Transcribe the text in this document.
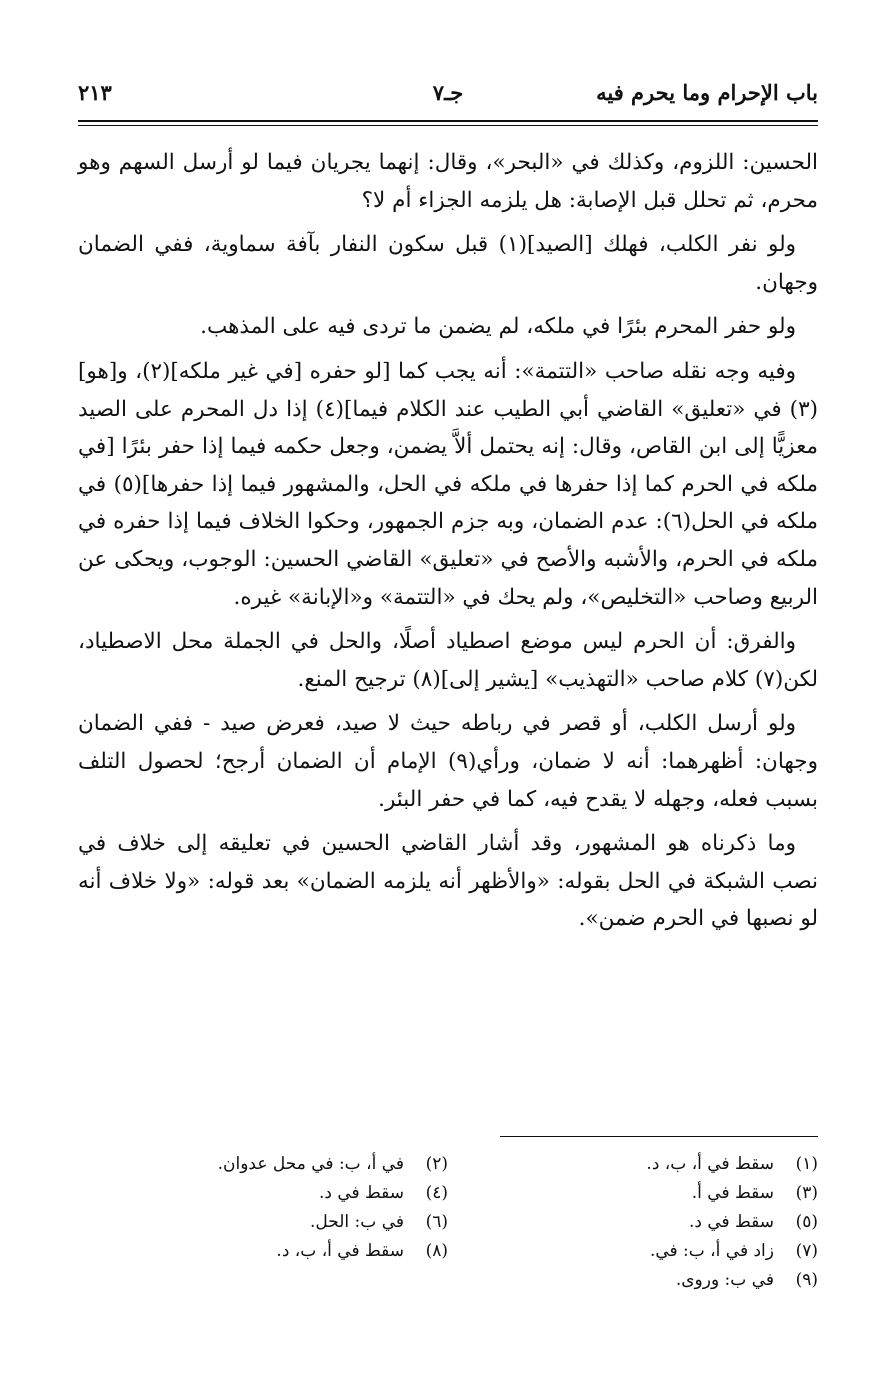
باب الإحرام وما يحرم فيه
جـ٧
٢١٣

الحسين: اللزوم، وكذلك في «البحر»، وقال: إنهما يجريان فيما لو أرسل السهم وهو محرم، ثم تحلل قبل الإصابة: هل يلزمه الجزاء أم لا؟

ولو نفر الكلب، فهلك [الصيد](١) قبل سكون النفار بآفة سماوية، ففي الضمان وجهان.

ولو حفر المحرم بئرًا في ملكه، لم يضمن ما تردى فيه على المذهب.

وفيه وجه نقله صاحب «التتمة»: أنه يجب كما [لو حفره [في غير ملكه](٢)، و[هو](٣) في «تعليق» القاضي أبي الطيب عند الكلام فيما](٤) إذا دل المحرم على الصيد معزيًّا إلى ابن القاص، وقال: إنه يحتمل ألاَّ يضمن، وجعل حكمه فيما إذا حفر بئرًا [في ملكه في الحرم كما إذا حفرها في ملكه في الحل، والمشهور فيما إذا حفرها](٥) في ملكه في الحل(٦): عدم الضمان، وبه جزم الجمهور، وحكوا الخلاف فيما إذا حفره في ملكه في الحرم، والأشبه والأصح في «تعليق» القاضي الحسين: الوجوب، ويحكى عن الربيع وصاحب «التخليص»، ولم يحك في «التتمة» و«الإبانة» غيره.

والفرق: أن الحرم ليس موضع اصطياد أصلًا، والحل في الجملة محل الاصطياد، لكن(٧) كلام صاحب «التهذيب» [يشير إلى](٨) ترجيح المنع.

ولو أرسل الكلب، أو قصر في رباطه حيث لا صيد، فعرض صيد - ففي الضمان وجهان: أظهرهما: أنه لا ضمان، ورأي(٩) الإمام أن الضمان أرجح؛ لحصول التلف بسبب فعله، وجهله لا يقدح فيه، كما في حفر البئر.

وما ذكرناه هو المشهور، وقد أشار القاضي الحسين في تعليقه إلى خلاف في نصب الشبكة في الحل بقوله: «والأظهر أنه يلزمه الضمان» بعد قوله: «ولا خلاف أنه لو نصبها في الحرم ضمن».

(١)سقط في أ، ب، د.
(٣)سقط في أ.
(٥)سقط في د.
(٧)زاد في أ، ب: في.
(٩)في ب: وروى.
(٢)في أ، ب: في محل عدوان.
(٤)سقط في د.
(٦)في ب: الحل.
(٨)سقط في أ، ب، د.
